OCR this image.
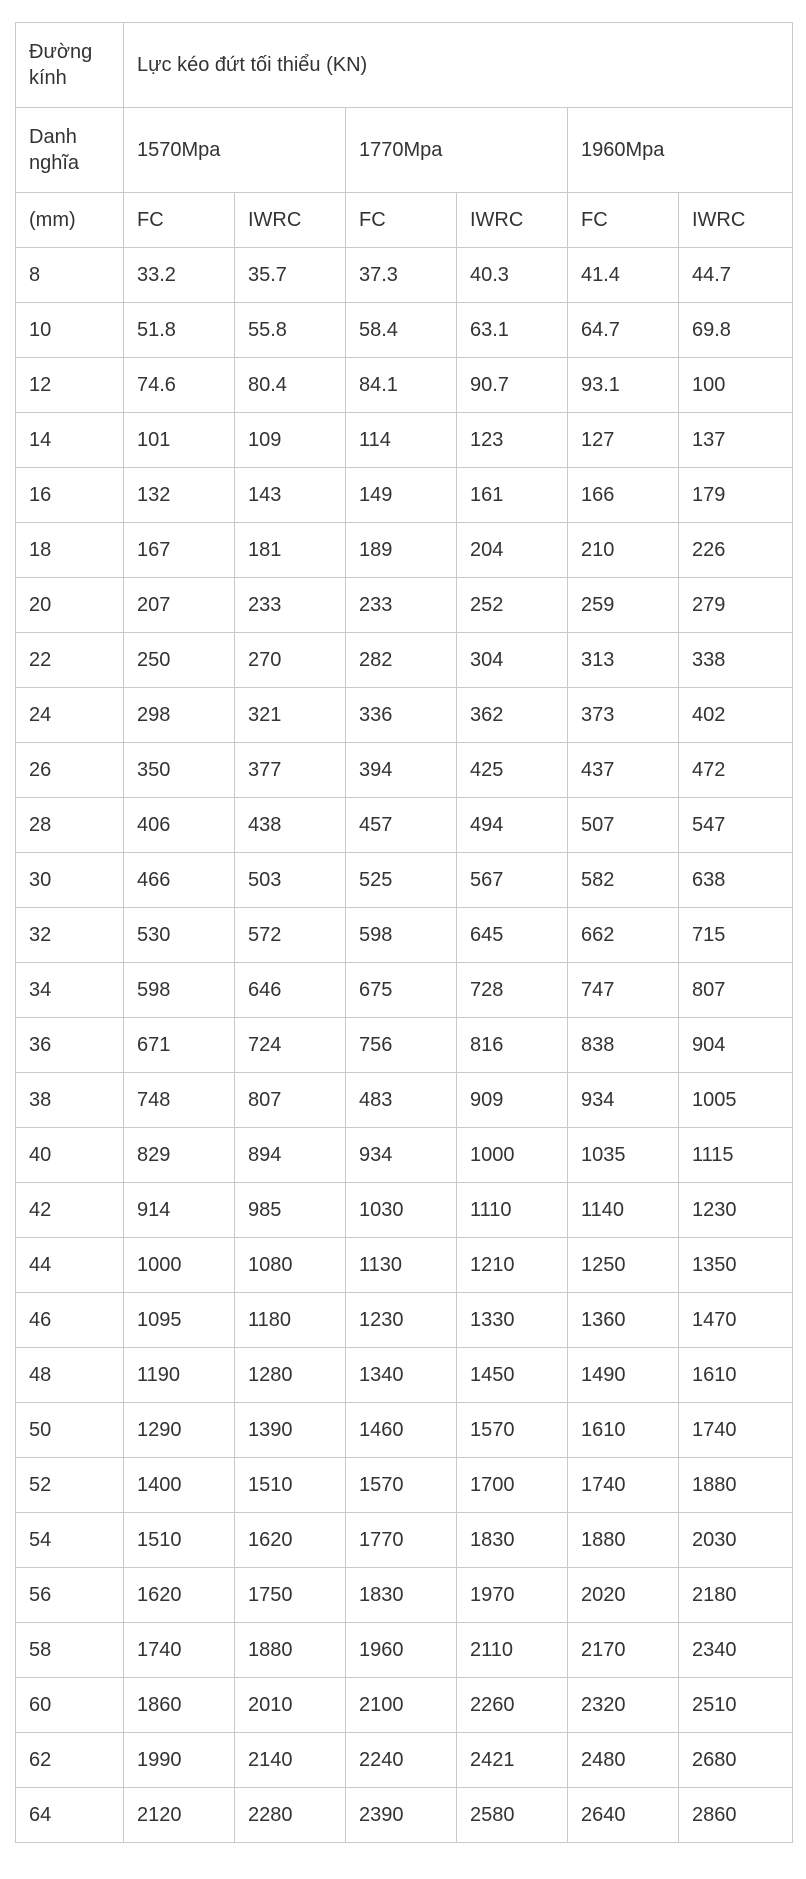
Đường kính	Lực kéo đứt tối thiểu (KN)					
Danh nghĩa	1570Mpa		1770Mpa		1960Mpa	
(mm)	FC	IWRC	FC	IWRC	FC	IWRC
8	33.2	35.7	37.3	40.3	41.4	44.7
10	51.8	55.8	58.4	63.1	64.7	69.8
12	74.6	80.4	84.1	90.7	93.1	100
14	101	109	114	123	127	137
16	132	143	149	161	166	179
18	167	181	189	204	210	226
20	207	233	233	252	259	279
22	250	270	282	304	313	338
24	298	321	336	362	373	402
26	350	377	394	425	437	472
28	406	438	457	494	507	547
30	466	503	525	567	582	638
32	530	572	598	645	662	715
34	598	646	675	728	747	807
36	671	724	756	816	838	904
38	748	807	483	909	934	1005
40	829	894	934	1000	1035	1115
42	914	985	1030	1110	1140	1230
44	1000	1080	1130	1210	1250	1350
46	1095	1180	1230	1330	1360	1470
48	1190	1280	1340	1450	1490	1610
50	1290	1390	1460	1570	1610	1740
52	1400	1510	1570	1700	1740	1880
54	1510	1620	1770	1830	1880	2030
56	1620	1750	1830	1970	2020	2180
58	1740	1880	1960	2110	2170	2340
60	1860	2010	2100	2260	2320	2510
62	1990	2140	2240	2421	2480	2680
64	2120	2280	2390	2580	2640	2860
